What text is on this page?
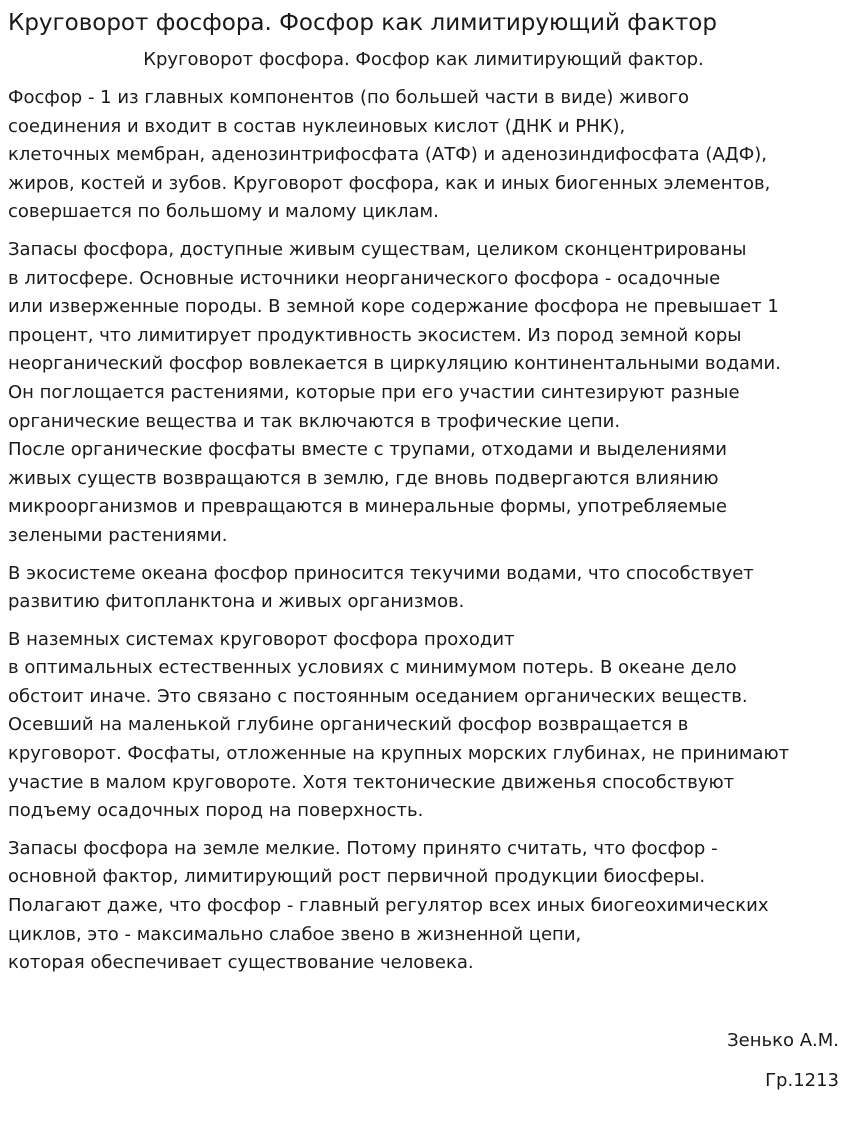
Круговорот фосфора. Фосфор как лимитирующий фактор
Круговорот фосфора. Фосфор как лимитирующий фактор.
Фосфор - 1 из главных компонентов (по большей части в виде) живого
соединения и входит в состав нуклеиновых кислот (ДНК и РНК),
клеточных мембран, аденозинтрифосфата (АТФ) и аденозиндифосфата (АДФ),
жиров, костей и зубов. Круговорот фосфора, как и иных биогенных элементов,
совершается по большому и малому циклам.
Запасы фосфора, доступные живым существам, целиком сконцентрированы
в литосфере. Основные источники неорганического фосфора - осадочные
или изверженные породы. В земной коре содержание фосфора не превышает 1
процент, что лимитирует продуктивность экосистем. Из пород земной коры
неорганический фосфор вовлекается в циркуляцию континентальными водами.
Он поглощается растениями, которые при его участии синтезируют разные
органические вещества и так включаются в трофические цепи.
После органические фосфаты вместе с трупами, отходами и выделениями
живых существ возвращаются в землю, где вновь подвергаются влиянию
микроорганизмов и превращаются в минеральные формы, употребляемые
зелеными растениями.
В экосистеме океана фосфор приносится текучими водами, что способствует
развитию фитопланктона и живых организмов.
В наземных системах круговорот фосфора проходит
в оптимальных естественных условиях с минимумом потерь. В океане дело
обстоит иначе. Это связано с постоянным оседанием органических веществ.
Осевший на маленькой глубине органический фосфор возвращается в
круговорот. Фосфаты, отложенные на крупных морских глубинах, не принимают
участие в малом круговороте. Хотя тектонические движенья способствуют
подъему осадочных пород на поверхность.
Запасы фосфора на земле мелкие. Потому принято считать, что фосфор -
основной фактор, лимитирующий рост первичной продукции биосферы.
Полагают даже, что фосфор - главный регулятор всех иных биогеохимических
циклов, это - максимально слабое звено в жизненной цепи,
которая обеспечивает существование человека.
Зенько А.М.
Гр.1213
